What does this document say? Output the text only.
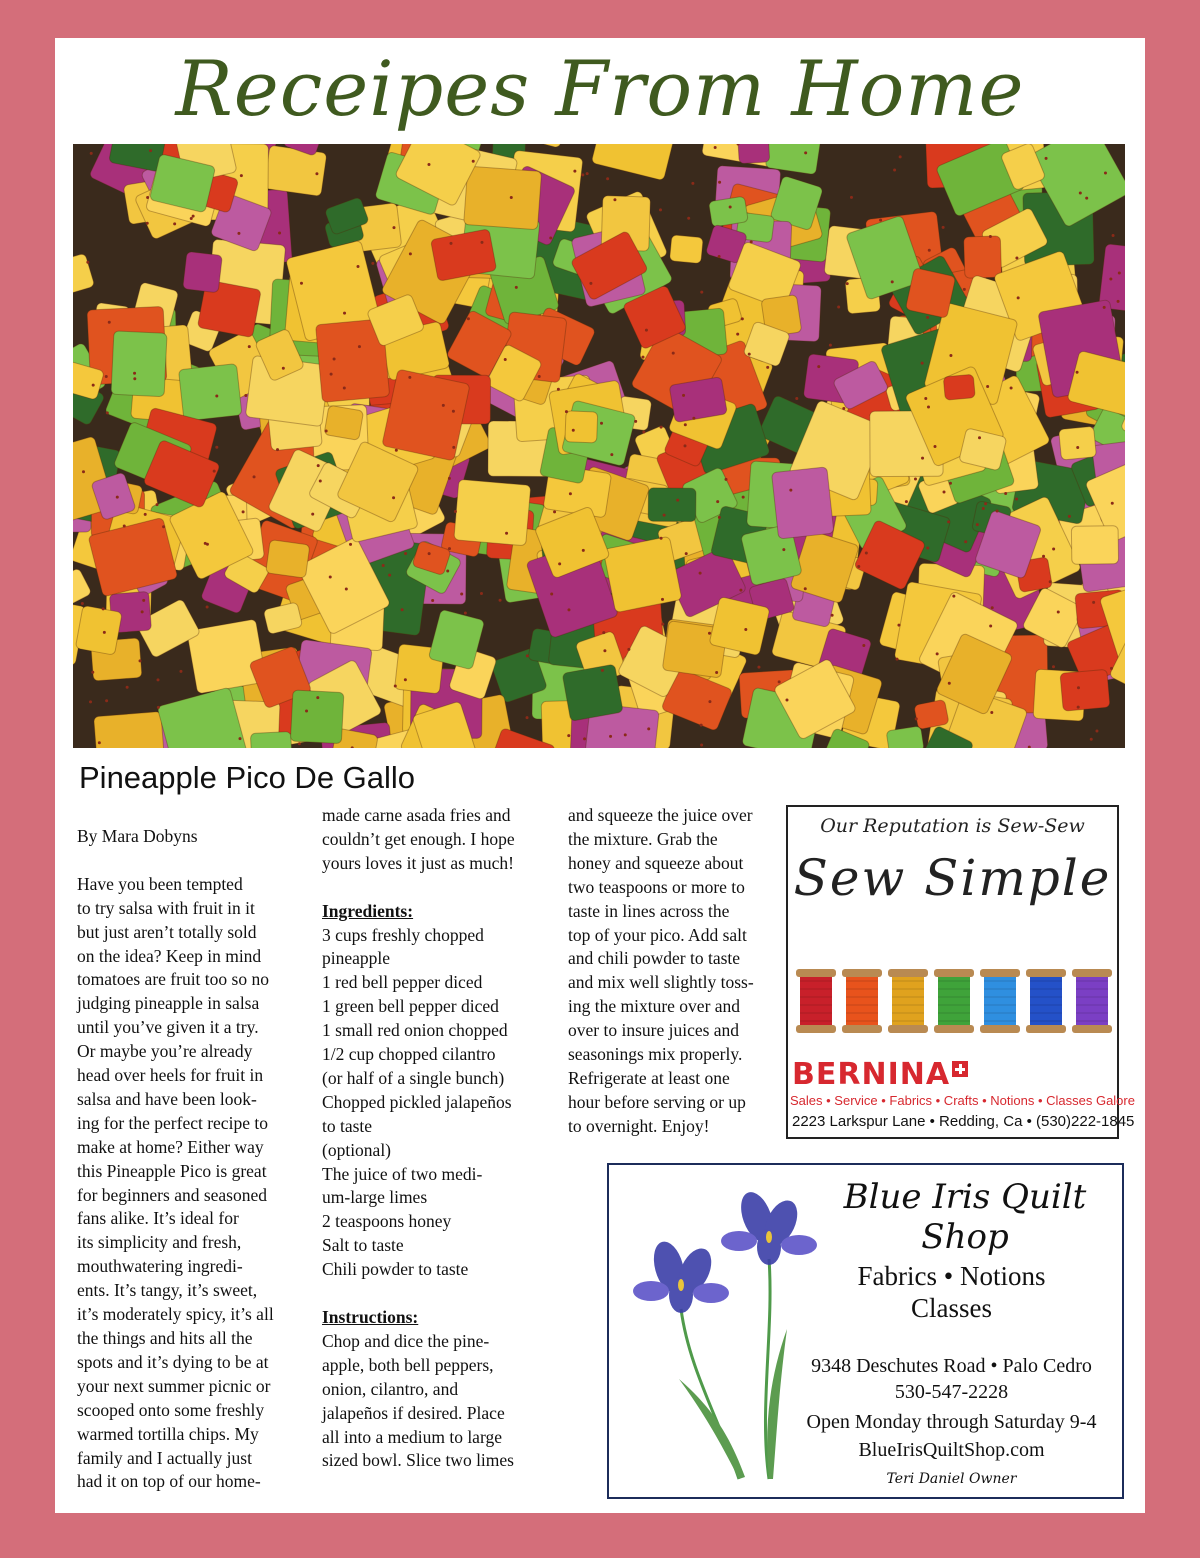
Receipes From Home
Pineapple Pico De Gallo
By Mara Dobyns
Have you been tempted
to try salsa with fruit in it
but just aren’t totally sold
on the idea? Keep in mind
tomatoes are fruit too so no
judging pineapple in salsa
until you’ve given it a try.
Or maybe you’re already
head over heels for fruit in
salsa and have been look-
ing for the perfect recipe to
make at home? Either way
this Pineapple Pico is great
for beginners and seasoned
fans alike. It’s ideal for
its simplicity and fresh,
mouthwatering ingredi-
ents. It’s tangy, it’s sweet,
it’s moderately spicy, it’s all
the things and hits all the
spots and it’s dying to be at
your next summer picnic or
scooped onto some freshly
warmed tortilla chips. My
family and I actually just
had it on top of our home-
made carne asada fries and
couldn’t get enough. I hope
yours loves it just as much!
Ingredients:
3 cups freshly chopped
pineapple
1 red bell pepper diced
1 green bell pepper diced
1 small red onion chopped
1/2 cup chopped cilantro
(or half of a single bunch)
Chopped pickled jalapeños
to taste
(optional)
The juice of two medi-
um-large limes
2 teaspoons honey
Salt to taste
Chili powder to taste
Instructions:
Chop and dice the pine-
apple, both bell peppers,
onion, cilantro, and
jalapeños if desired. Place
all into a medium to large
sized bowl. Slice two limes
and squeeze the juice over
the mixture. Grab the
honey and squeeze about
two teaspoons or more to
taste in lines across the
top of your pico. Add salt
and chili powder to taste
and mix well slightly toss-
ing the mixture over and
over to insure juices and
seasonings mix properly.
Refrigerate at least one
hour before serving or up
to overnight. Enjoy!
Our Reputation is Sew-Sew
Sew Simple
BERNINA
Sales • Service • Fabrics • Crafts • Notions • Classes Galore
2223 Larkspur Lane • Redding, Ca • (530)222-1845
Blue Iris Quilt Shop
Fabrics • Notions
Classes
9348 Deschutes Road • Palo Cedro
530-547-2228
Open Monday through Saturday 9-4
BlueIrisQuiltShop.com
Teri Daniel Owner
